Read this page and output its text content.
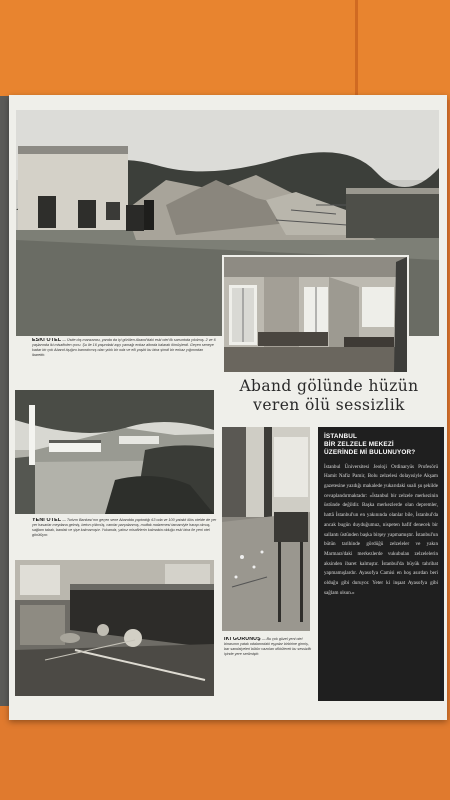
ESKİ OTEL — Üstte dış manzarası, yanda da içi görülen Aband'daki eski otel ilk sarsıntıda yıkılmış. 2 ve 6 yaşlarında iki misafirden çocu. Şu ile 16 yaşındaki aşçı yamağı enkaz altında kalarak ölmüşlerdi. Geçen seneye kadar bir çok Aband âşığını barındırmış olan yıkık bir oda ve elli yaşlık bu bina şimdi bir enkaz yığınından ibarettir.
Aband gölünde hüzün
veren ölü sessizlik
YENİ OTEL — Turizm Bankası'nın geçen sene Abandda yaptırdığı 63 oda ve 100 yataklı lüks otelde de yer yer hasarlar meydana gelmiş, beton çökmüş, camlar parçalanmış, mutfak malzemesi tamamiyle harap olmuş, sağlam tabak, bardak ve şişe kalmamıştır. Yukarıda, yalnız misafirlerin kalmakta olduğu eski bina ile yeni otel görülüyor.
İKİ GÖRÜNÜŞ — Bu çok güzel yeni otel binasının yatak odalarındaki eşyalar birbirine girmiş, bar sandalyeleri bütün vazoları dökülerek bu sessizlik içinde yere serilmiştir.
İSTANBUL
BİR ZELZELE MEKEZİ
ÜZERİNDE Mİ BULUNUYOR?
İstanbul Üniversitesi Jeoloji Ordinaryüs Profesörü Hamit Nafiz Pamir, Bolu zelzelesi dolayısiyle Akşam gazetesine yazdığı makalede yukarıdaki suali şu şekilde cevaplandırmaktadır: «İstanbul bir zelzele merkezinin üstünde değildir. Başka merkezlerde olan depremler, hattâ İstanbul'un en yakınında olanlar bile, İstanbul'da ancak bugün duyduğumuz, nispeten hafif denecek bir sallantı üstünden başka birşey yapmamıştır. İstanbul'un bütün tarihinde gördüğü zelzeleler ve yakın Marmara'daki merkezlerde vukubulan zelzelelerin aksinden ibaret kalmıştır. İstanbul'da büyük tahribat yapmamışlardır. Ayasofya Camisi en hoş asırdan beri olduğu gibi duruyor. Yeter ki inşaat Ayasofya gibi sağlam olsun.»
